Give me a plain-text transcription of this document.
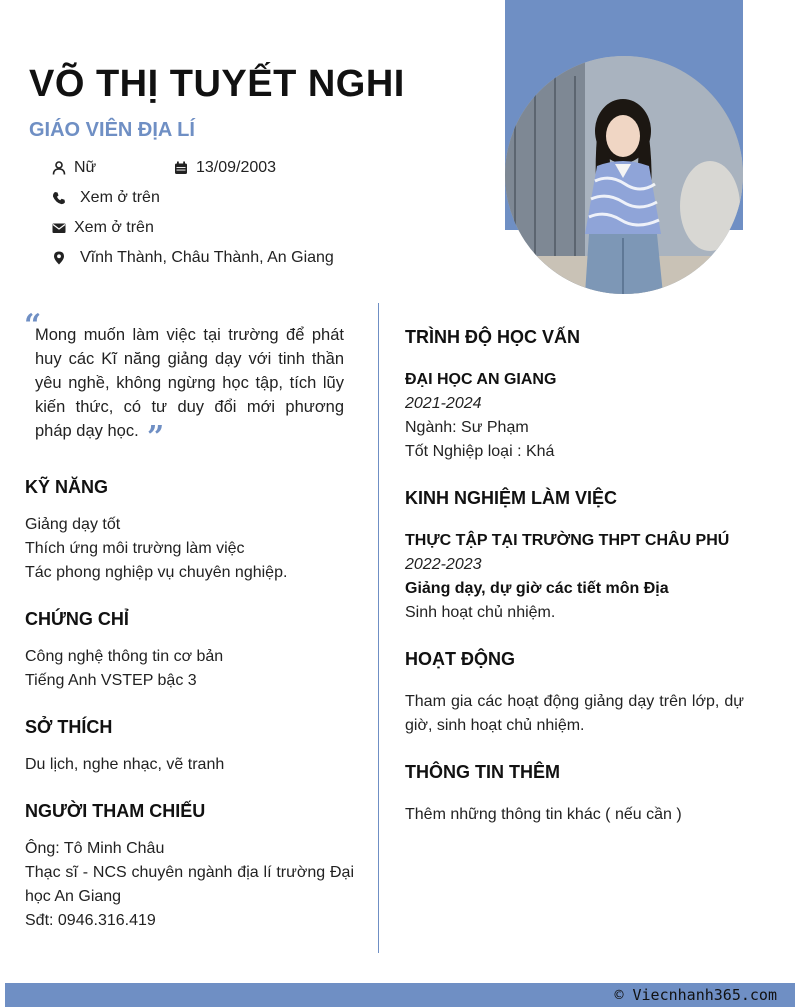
VÕ THỊ TUYẾT NGHI
GIÁO VIÊN ĐỊA LÍ
Nữ	13/09/2003
Xem ở trên
Xem ở trên
Vĩnh Thành, Châu Thành, An Giang
“
Mong muốn làm việc tại trường để phát huy các Kĩ năng giảng dạy với tinh thần yêu nghề, không ngừng học tập, tích lũy kiến thức, có tư duy đổi mới phương pháp dạy học. ”
KỸ NĂNG
Giảng dạy tốt
Thích ứng môi trường làm việc
Tác phong nghiệp vụ chuyên nghiệp.
CHỨNG CHỈ
Công nghệ thông tin cơ bản
Tiếng Anh VSTEP bậc 3
SỞ THÍCH
Du lịch, nghe nhạc, vẽ tranh
NGƯỜI THAM CHIẾU
Ông: Tô Minh Châu
Thạc sĩ - NCS chuyên ngành địa lí trường Đại học An Giang
Sđt: 0946.316.419
TRÌNH ĐỘ HỌC VẤN
ĐẠI HỌC AN GIANG
2021-2024
Ngành: Sư Phạm
Tốt Nghiệp loại : Khá
KINH NGHIỆM LÀM VIỆC
THỰC TẬP TẠI TRƯỜNG THPT CHÂU PHÚ
2022-2023
Giảng dạy, dự giờ các tiết môn Địa
Sinh hoạt chủ nhiệm.
HOẠT ĐỘNG
Tham gia các hoạt động giảng dạy trên lớp, dự giờ, sinh hoạt chủ nhiệm.
THÔNG TIN THÊM
Thêm những thông tin khác ( nếu cần )
© Viecnhanh365.com
